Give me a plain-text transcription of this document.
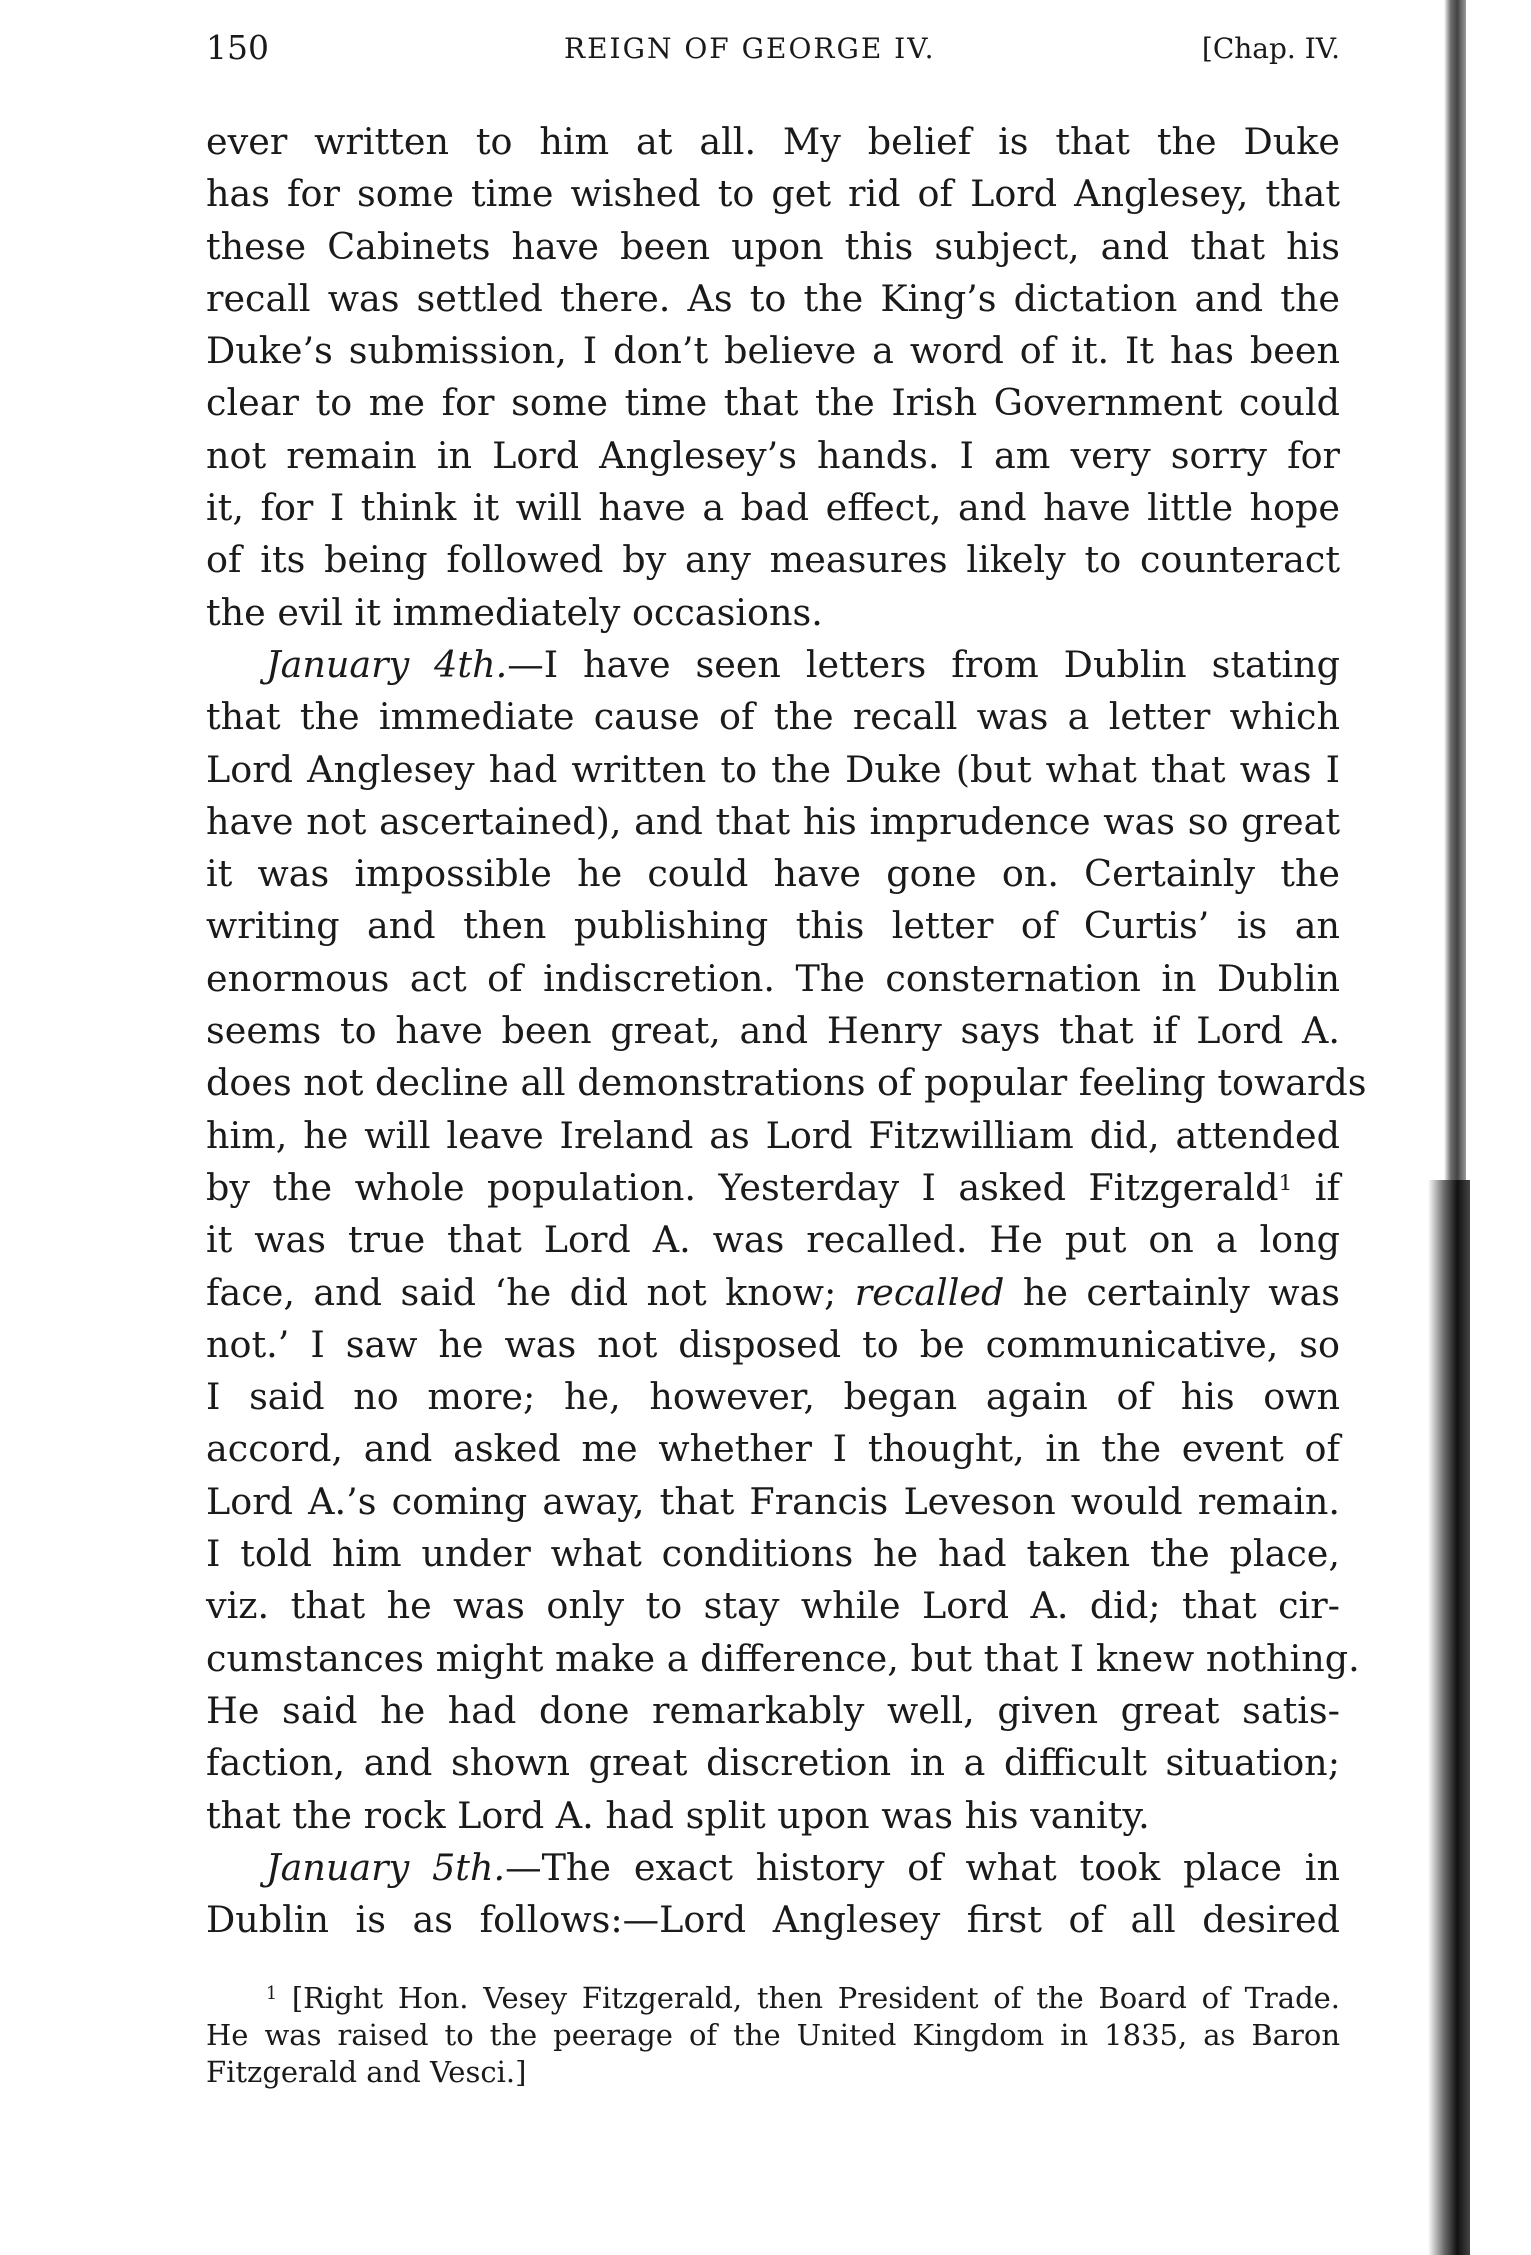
150	REIGN OF GEORGE IV.	[Chap. IV.
ever written to him at all. My belief is that the Duke
has for some time wished to get rid of Lord Anglesey, that
these Cabinets have been upon this subject, and that his
recall was settled there. As to the King’s dictation and the
Duke’s submission, I don’t believe a word of it. It has been
clear to me for some time that the Irish Government could
not remain in Lord Anglesey’s hands. I am very sorry for
it, for I think it will have a bad effect, and have little hope
of its being followed by any measures likely to counteract
the evil it immediately occasions.
January 4th.—I have seen letters from Dublin stating
that the immediate cause of the recall was a letter which
Lord Anglesey had written to the Duke (but what that was I
have not ascertained), and that his imprudence was so great
it was impossible he could have gone on. Certainly the
writing and then publishing this letter of Curtis’ is an
enormous act of indiscretion. The consternation in Dublin
seems to have been great, and Henry says that if Lord A.
does not decline all demonstrations of popular feeling towards
him, he will leave Ireland as Lord Fitzwilliam did, attended
by the whole population. Yesterday I asked Fitzgerald$^1$ if
it was true that Lord A. was recalled. He put on a long
face, and said ‘he did not know; recalled he certainly was
not.’ I saw he was not disposed to be communicative, so
I said no more; he, however, began again of his own
accord, and asked me whether I thought, in the event of
Lord A.’s coming away, that Francis Leveson would remain.
I told him under what conditions he had taken the place,
viz. that he was only to stay while Lord A. did; that cir-
cumstances might make a difference, but that I knew nothing.
He said he had done remarkably well, given great satis-
faction, and shown great discretion in a difficult situation;
that the rock Lord A. had split upon was his vanity.
January 5th.—The exact history of what took place in
Dublin is as follows:—Lord Anglesey first of all desired
$^1$ [Right Hon. Vesey Fitzgerald, then President of the Board of Trade.
He was raised to the peerage of the United Kingdom in 1835, as Baron
Fitzgerald and Vesci.]
